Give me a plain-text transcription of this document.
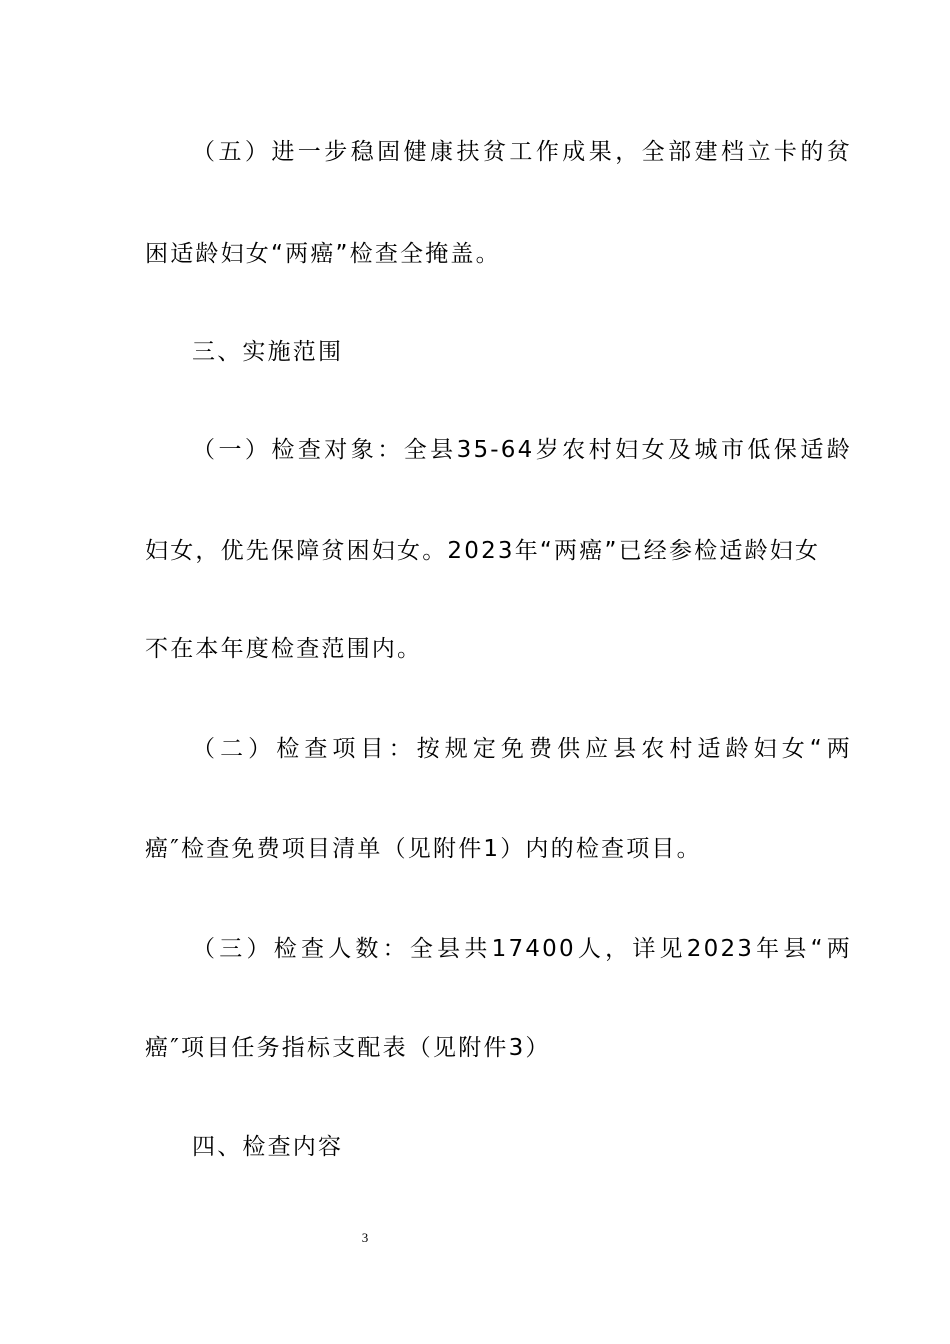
（五）进一步稳固健康扶贫工作成果，全部建档立卡的贫
困适龄妇女“两癌”检查全掩盖。
三、实施范围
（一）检查对象：全县35-64岁农村妇女及城市低保适龄
妇女，优先保障贫困妇女。2023年“两癌”已经参检适龄妇女
不在本年度检查范围内。
（二）检查项目：按规定免费供应县农村适龄妇女“两
癌″检查免费项目清单（见附件1）内的检查项目。
（三）检查人数：全县共17400人，详见2023年县“两
癌″项目任务指标支配表（见附件3）
四、检查内容
3
